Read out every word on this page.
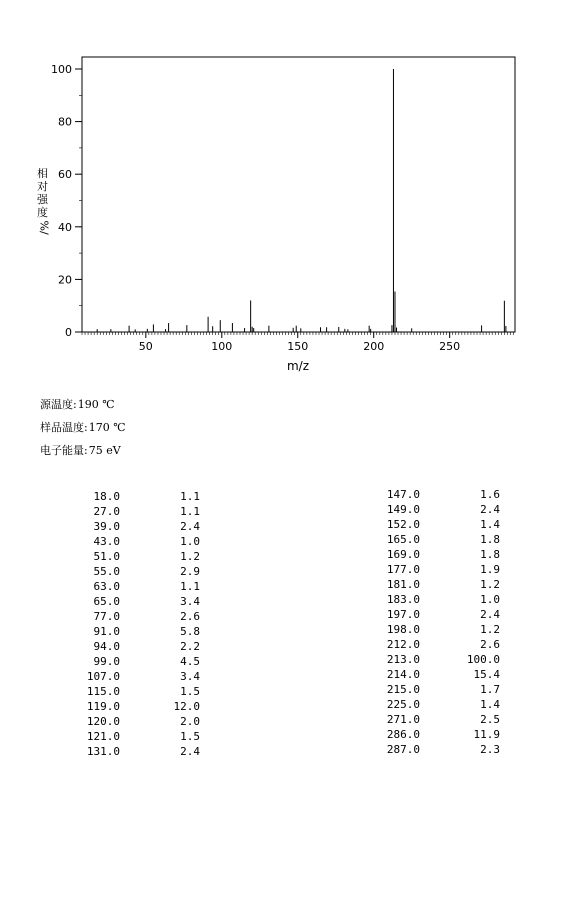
50	100	150	200	250
0
20
40
60
80
100
m/z
相
对
强
度
%/
源温度:190 ℃
样品温度:170 ℃
电子能量:75 eV
18.0	1.1
27.0	1.1
39.0	2.4
43.0	1.0
51.0	1.2
55.0	2.9
63.0	1.1
65.0	3.4
77.0	2.6
91.0	5.8
94.0	2.2
99.0	4.5
107.0	3.4
115.0	1.5
119.0	12.0
120.0	2.0
121.0	1.5
131.0	2.4
147.0	1.6
149.0	2.4
152.0	1.4
165.0	1.8
169.0	1.8
177.0	1.9
181.0	1.2
183.0	1.0
197.0	2.4
198.0	1.2
212.0	2.6
213.0	100.0
214.0	15.4
215.0	1.7
225.0	1.4
271.0	2.5
286.0	11.9
287.0	2.3
